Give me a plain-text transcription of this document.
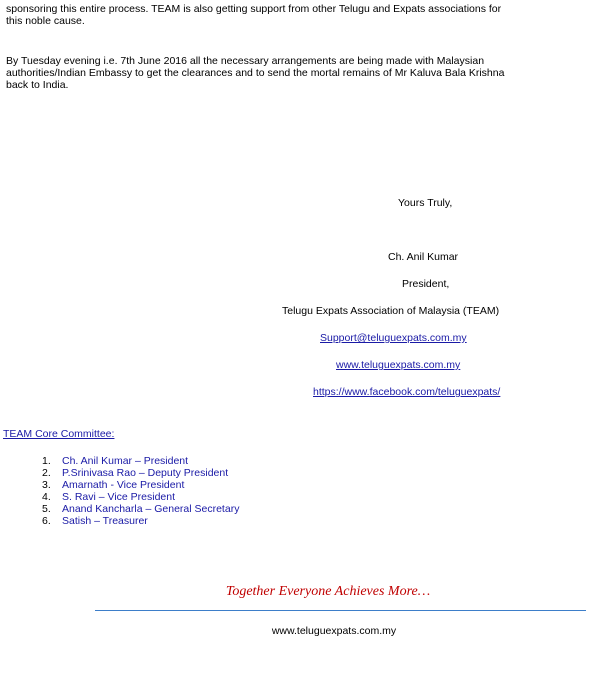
sponsoring this entire process. TEAM is also getting support from other Telugu and Expats associations for
this noble cause.
By Tuesday evening i.e. 7th June 2016 all the necessary arrangements are being made with Malaysian
authorities/Indian Embassy to get the clearances and to send the mortal remains of Mr Kaluva Bala Krishna
back to India.
Yours Truly,
Ch. Anil Kumar
President,
Telugu Expats Association of Malaysia (TEAM)
Support@teluguexpats.com.my
www.teluguexpats.com.my
https://www.facebook.com/teluguexpats/
TEAM Core Committee:
1.	Ch. Anil Kumar – President
2.	P.Srinivasa Rao – Deputy President
3.	Amarnath - Vice President
4.	S. Ravi – Vice President
5.	Anand Kancharla – General Secretary
6.	Satish – Treasurer
Together Everyone Achieves More…
www.teluguexpats.com.my
